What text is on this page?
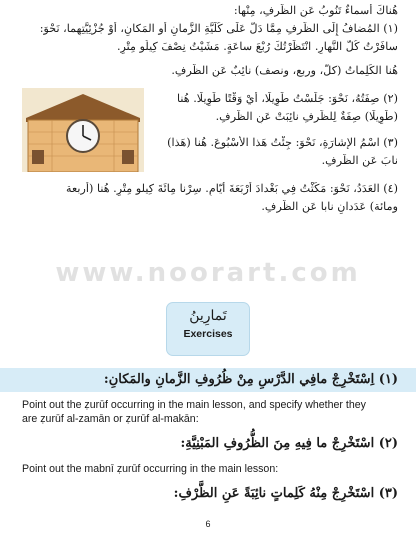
هُناكَ أسماءٌ تَنُوبُ عَنِ الظَّرفِ، مِنْها:
(١) المُضافُ إِلَى الظَّرفِ مِمَّا دَلَّ عَلَى كُلِّيَّةِ الزَّمانِ أو المَكانِ، أوْ جُزْئِيَّتِهِما، نَحْوَ:
سافَرْتُ كُلَّ النَّهارِ. انْتَظَرْتُكَ رُبْعَ ساعَةٍ. مَشَيْتُ نِصْفَ كِيلُو مِتْرٍ.
هُنا الكَلِماتُ (كلّ، وربع، ونصف) نائِبٌ عَنِ الظَّرفِ.
(٢) صِفَتُهُ، نَحْوَ: جَلَسْتُ طَوِيلًا، أَيْ وَقْتًا طَوِيلًا. هُنا
(طَوِيلًا) صِفَةٌ لِلظَّرفِ نائِبَتْ عَنِ الظَّرفِ.
(٣) اسْمُ الإشارَةِ، نَحْوَ: جِئْتُ هَذا الأُسْبُوعَ. هُنا (هَذا)
نابَ عَنِ الظَّرفِ.
(٤) العَدَدُ، نَحْوَ: مَكَثْتُ فِي بَغْدادَ أَرْبَعَةَ أَيّامٍ. سِرْنا مِائَةَ كِيلو مِتْرٍ. هُنا (أربعة
ومائة) عَدَدانِ نابا عَنِ الظَّرفِ.
www.noorart.com
تَمارِينُ
Exercises
(١) اِسْتَخْرِجْ مافِي الدَّرْسِ مِنْ ظُرُوفِ الزَّمانِ والمَكانِ:
Point out the ẓurūf occurring in the main lesson, and specify whether they
are ẓurūf al-zamān or ẓurūf al-makān:
(٢) اسْتَخْرِجْ ما فِيهِ مِنَ الظُّرُوفِ المَبْنِيَّةِ:
Point out the mabnī ẓurūf occurring in the main lesson:
(٣) اسْتَخْرِجْ مِنْهُ كَلِماتٍ نائِبَةً عَنِ الظَّرْفِ:
6
